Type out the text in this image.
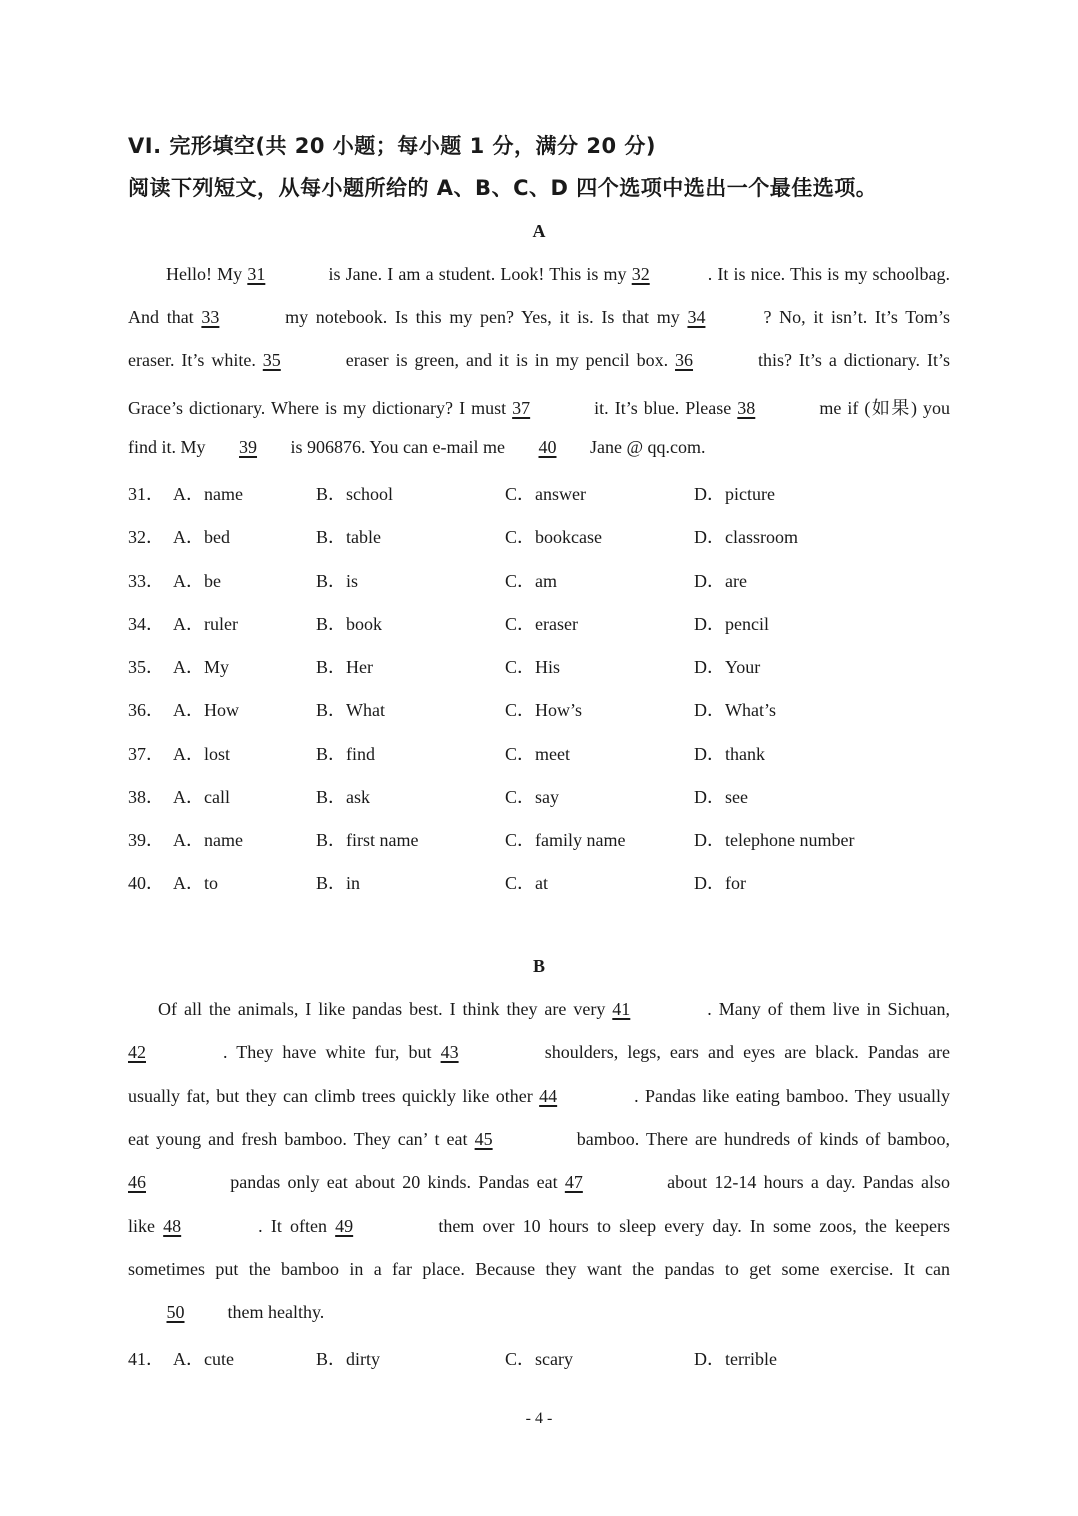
VI. 完形填空(共 20 小题；每小题 1 分，满分 20 分)
阅读下列短文，从每小题所给的 A、B、C、D 四个选项中选出一个最佳选项。
A
Hello! My 31	is Jane. I am a student. Look! This is my 32	. It is nice. This is my schoolbag.
And that 33	my notebook. Is this my pen? Yes, it is. Is that my 34	? No, it isn’t. It’s Tom’s
eraser. It’s white. 35	eraser is green, and it is in my pencil box. 36	this? It’s a dictionary. It’s
Grace’s dictionary. Where is my dictionary? I must 37	it. It’s blue. Please 38	me if (如果) you
find it. My 39 is 906876. You can e-mail me 40 Jane @ qq.com.
31． A．name	B．school	C．answer	D．picture
32． A．bed	B．table	C．bookcase	D．classroom
33． A．be	B．is	C．am	D．are
34． A．ruler	B．book	C．eraser	D．pencil
35． A．My	B．Her	C．His	D．Your
36． A．How	B．What	C．How’s	D．What’s
37． A．lost	B．find	C．meet	D．thank
38． A．call	B．ask	C．say	D．see
39． A．name	B．first name	C．family name	D．telephone number
40． A．to	B．in	C．at	D．for
B
Of all the animals, I like pandas best. I think they are very 41	. Many of them live in Sichuan,
42	. They have white fur, but 43	shoulders, legs, ears and eyes are black. Pandas are
usually fat, but they can climb trees quickly like other 44	. Pandas like eating bamboo. They usually
eat young and fresh bamboo. They can’ t eat 45	bamboo. There are hundreds of kinds of bamboo,
46	pandas only eat about 20 kinds. Pandas eat 47	about 12-14 hours a day. Pandas also
like 48	. It often 49	them over 10 hours to sleep every day. In some zoos, the keepers
sometimes put the bamboo in a far place. Because they want the pandas to get some exercise. It can
50 them healthy.
41． A．cute	B．dirty	C．scary	D．terrible
- 4 -
